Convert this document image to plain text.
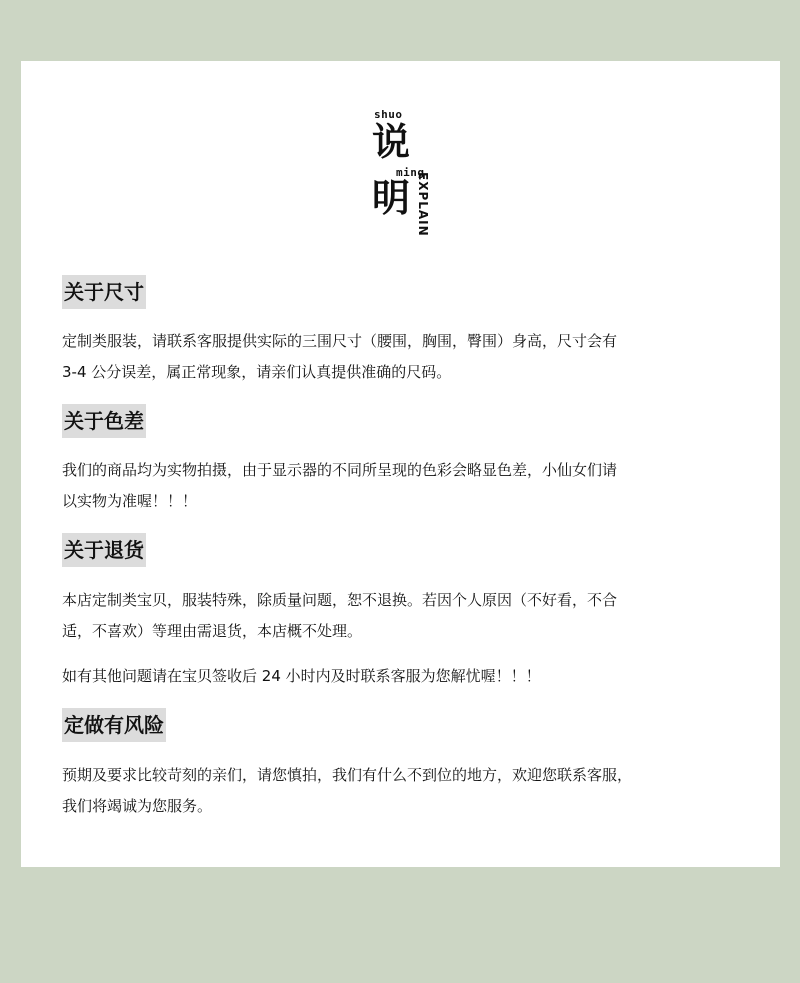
shuo
说
ming
明 EXPLAIN
关于尺寸
定制类服装，请联系客服提供实际的三围尺寸（腰围，胸围，臀围）身高，尺寸会有
3-4 公分误差，属正常现象，请亲们认真提供准确的尺码。
关于色差
我们的商品均为实物拍摄，由于显示器的不同所呈现的色彩会略显色差，小仙女们请
以实物为准喔！！！
关于退货
本店定制类宝贝，服装特殊，除质量问题，恕不退换。若因个人原因（不好看，不合
适，不喜欢）等理由需退货，本店概不处理。
如有其他问题请在宝贝签收后 24 小时内及时联系客服为您解忧喔！！！
定做有风险
预期及要求比较苛刻的亲们，请您慎拍，我们有什么不到位的地方，欢迎您联系客服，
我们将竭诚为您服务。
